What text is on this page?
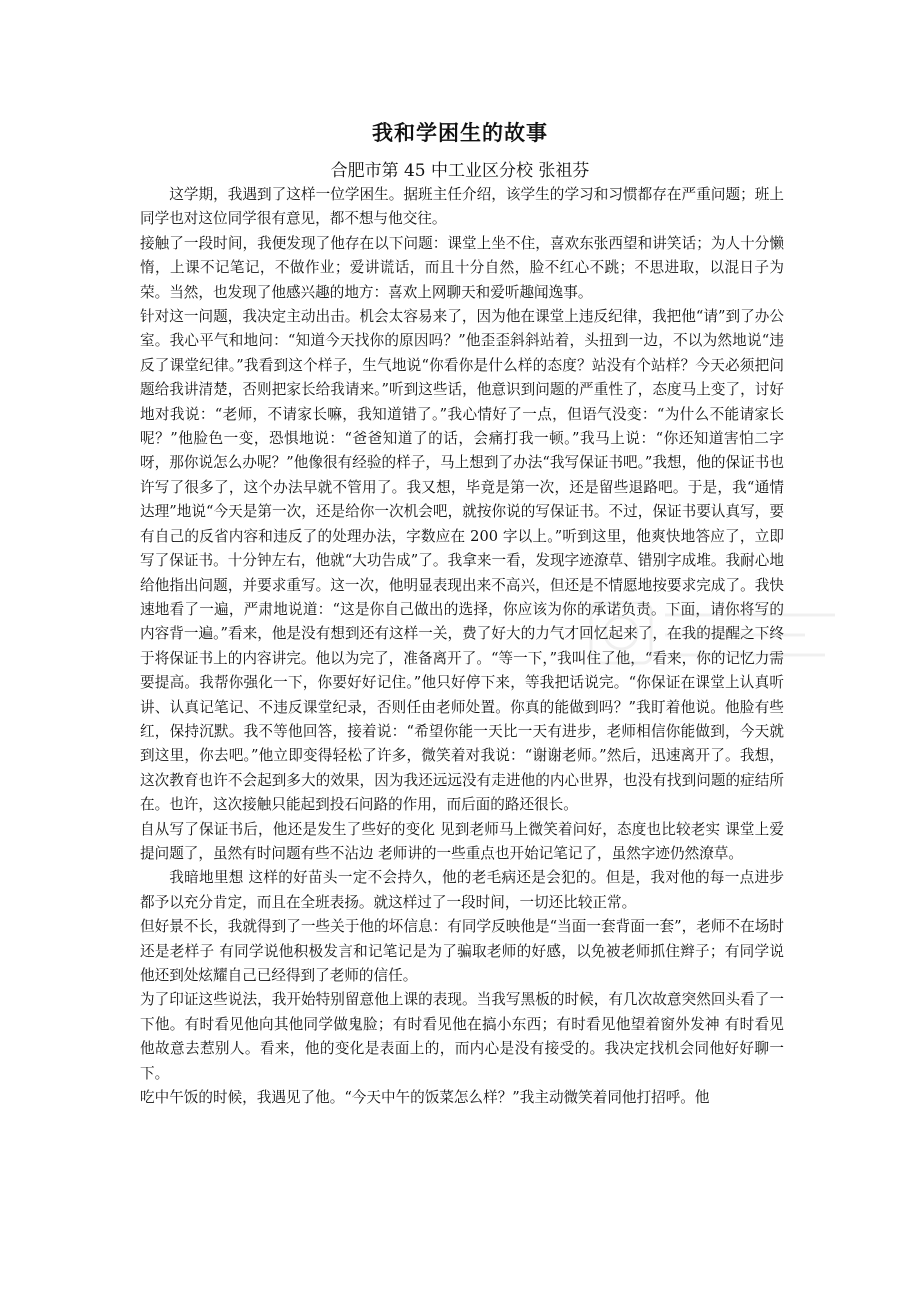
我和学困生的故事
合肥市第 45 中工业区分校 张祖芬

这学期，我遇到了这样一位学困生。据班主任介绍，该学生的学习和习惯都存在严重问题；班上同学也对这位同学很有意见，都不想与他交往。

接触了一段时间，我便发现了他存在以下问题：课堂上坐不住，喜欢东张西望和讲笑话；为人十分懒惰，上课不记笔记，不做作业；爱讲谎话，而且十分自然，脸不红心不跳；不思进取，以混日子为荣。当然，也发现了他感兴趣的地方：喜欢上网聊天和爱听趣闻逸事。

针对这一问题，我决定主动出击。机会太容易来了，因为他在课堂上违反纪律，我把他“请”到了办公室。我心平气和地问：“知道今天找你的原因吗？”他歪歪斜斜站着，头扭到一边，不以为然地说“违反了课堂纪律。”我看到这个样子，生气地说“你看你是什么样的态度？站没有个站样？今天必须把问题给我讲清楚，否则把家长给我请来。”听到这些话，他意识到问题的严重性了，态度马上变了，讨好地对我说：“老师，不请家长嘛，我知道错了。”我心情好了一点，但语气没变：“为什么不能请家长呢？”他脸色一变，恐惧地说：“爸爸知道了的话，会痛打我一顿。”我马上说：“你还知道害怕二字呀，那你说怎么办呢？”他像很有经验的样子，马上想到了办法“我写保证书吧。”我想，他的保证书也许写了很多了，这个办法早就不管用了。我又想，毕竟是第一次，还是留些退路吧。于是，我“通情达理”地说“今天是第一次，还是给你一次机会吧，就按你说的写保证书。不过，保证书要认真写，要有自己的反省内容和违反了的处理办法，字数应在 200 字以上。”听到这里，他爽快地答应了，立即写了保证书。十分钟左右，他就“大功告成”了。我拿来一看，发现字迹潦草、错别字成堆。我耐心地给他指出问题，并要求重写。这一次，他明显表现出来不高兴，但还是不情愿地按要求完成了。我快速地看了一遍，严肃地说道：“这是你自己做出的选择，你应该为你的承诺负责。下面，请你将写的内容背一遍。”看来，他是没有想到还有这样一关，费了好大的力气才回忆起来了，在我的提醒之下终于将保证书上的内容讲完。他以为完了，准备离开了。“等一下，”我叫住了他，“看来，你的记忆力需要提高。我帮你强化一下，你要好好记住。”他只好停下来，等我把话说完。“你保证在课堂上认真听讲、认真记笔记、不违反课堂纪录，否则任由老师处置。你真的能做到吗？”我盯着他说。他脸有些红，保持沉默。我不等他回答，接着说：“希望你能一天比一天有进步，老师相信你能做到，今天就到这里，你去吧。”他立即变得轻松了许多，微笑着对我说：“谢谢老师。”然后，迅速离开了。我想，这次教育也许不会起到多大的效果，因为我还远远没有走进他的内心世界，也没有找到问题的症结所在。也许，这次接触只能起到投石问路的作用，而后面的路还很长。

自从写了保证书后，他还是发生了些好的变化 见到老师马上微笑着问好，态度也比较老实 课堂上爱提问题了，虽然有时问题有些不沾边 老师讲的一些重点也开始记笔记了，虽然字迹仍然潦草。

我暗地里想 这样的好苗头一定不会持久，他的老毛病还是会犯的。但是，我对他的每一点进步都予以充分肯定，而且在全班表扬。就这样过了一段时间，一切还比较正常。

但好景不长，我就得到了一些关于他的坏信息：有同学反映他是“当面一套背面一套”，老师不在场时还是老样子 有同学说他积极发言和记笔记是为了骗取老师的好感，以免被老师抓住辫子；有同学说他还到处炫耀自己已经得到了老师的信任。

为了印证这些说法，我开始特别留意他上课的表现。当我写黑板的时候，有几次故意突然回头看了一下他。有时看见他向其他同学做鬼脸；有时看见他在搞小东西；有时看见他望着窗外发神 有时看见他故意去惹别人。看来，他的变化是表面上的，而内心是没有接受的。我决定找机会同他好好聊一下。

吃中午饭的时候，我遇见了他。“今天中午的饭菜怎么样？”我主动微笑着同他打招呼。他
